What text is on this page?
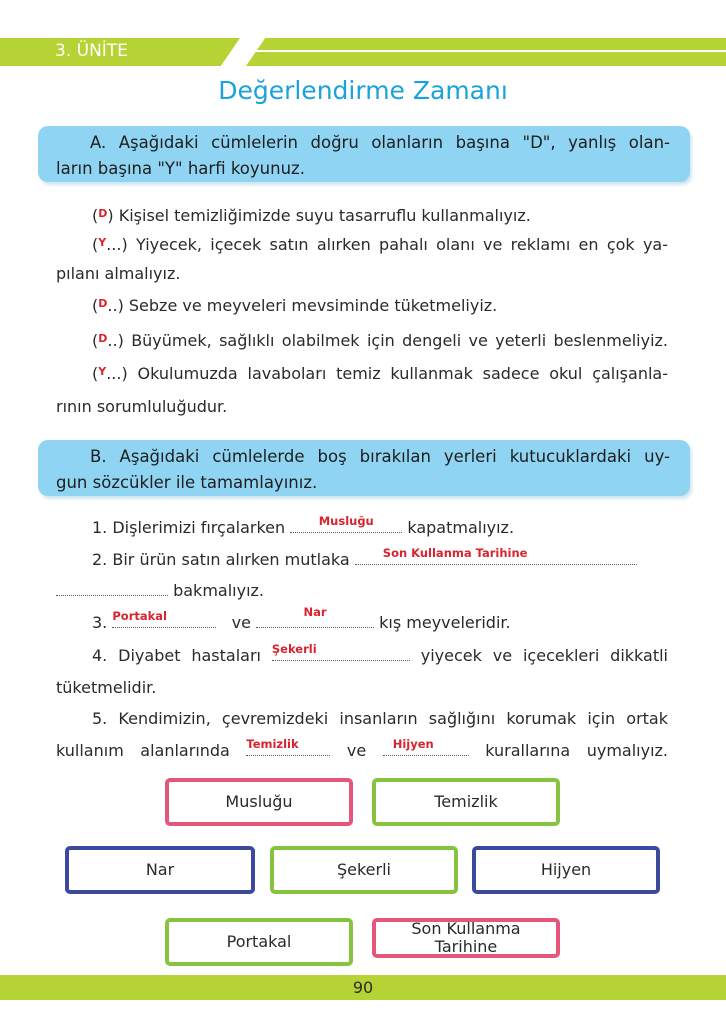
3. ÜNİTE
Değerlendirme Zamanı
A. Aşağıdaki cümlelerin doğru olanların başına "D", yanlış olan-
ların başına "Y" harfi koyunuz.
($^D$) Kişisel temizliğimizde suyu tasarruflu kullanmalıyız.
($^Y$...) Yiyecek, içecek satın alırken pahalı olanı ve reklamı en çok ya-
pılanı almalıyız.
($^D$..) Sebze ve meyveleri mevsiminde tüketmeliyiz.
($^D$..) Büyümek, sağlıklı olabilmek için dengeli ve yeterli beslenmeliyiz.
($^Y$...) Okulumuzda lavaboları temiz kullanmak sadece okul çalışanla-
rının sorumluluğudur.
B. Aşağıdaki cümlelerde boş bırakılan yerleri kutucuklardaki uy-
gun sözcükler ile tamamlayınız.
1. Dişlerimizi fırçalarken	Musluğu	kapatmalıyız.
2. Bir ürün satın alırken mutlaka	Son Kullanma Tarihine
bakmalıyız.
3. Portakal	ve
Nar
kış meyveleridir.
4. Diyabet hastaları Şekerli	yiyecek ve içecekleri dikkatli
tüketmelidir.
5. Kendimizin, çevremizdeki insanların sağlığını korumak için ortak
kullanım alanlarında Temizlik	ve Hijyen	kurallarına uymalıyız.
Musluğu	Temizlik
Nar	Şekerli	Hijyen
Portakal
Son Kullanma Tarihine
90
